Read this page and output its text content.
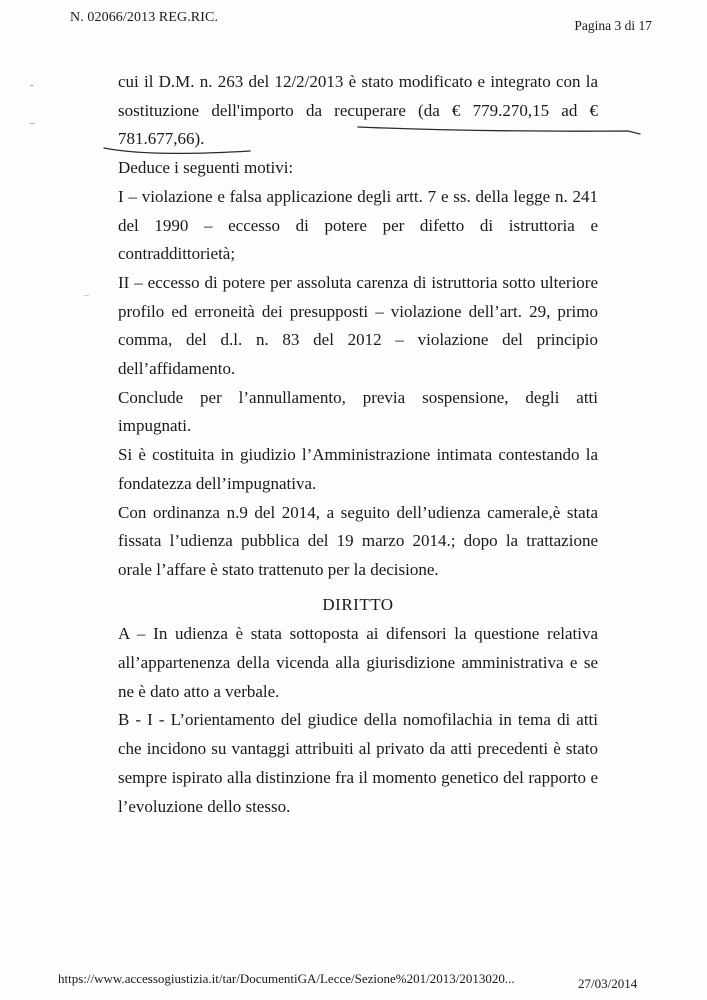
N. 02066/2013 REG.RIC.
Pagina 3 di 17
‐
–
–

cui il D.M. n. 263 del 12/2/2013 è stato modificato e integrato con la sostituzione dell'importo da recuperare (da € 779.270,15 ad € 781.677,66).

Deduce i seguenti motivi:

I – violazione e falsa applicazione degli artt. 7 e ss. della legge n. 241 del 1990 – eccesso di potere per difetto di istruttoria e contraddittorietà;

II – eccesso di potere per assoluta carenza di istruttoria sotto ulteriore profilo ed erroneità dei presupposti – violazione dell’art. 29, primo comma, del d.l. n. 83 del 2012 – violazione del principio dell’affidamento.

Conclude per l’annullamento, previa sospensione, degli atti impugnati.

Si è costituita in giudizio l’Amministrazione intimata contestando la fondatezza dell’impugnativa.

Con ordinanza n.9 del 2014, a seguito dell’udienza camerale,è stata fissata l’udienza pubblica del 19 marzo 2014.; dopo la trattazione orale l’affare è stato trattenuto per la decisione.

DIRITTO

A – In udienza è stata sottoposta ai difensori la questione relativa all’appartenenza della vicenda alla giurisdizione amministrativa e se ne è dato atto a verbale.

B - I - L’orientamento del giudice della nomofilachia in tema di atti che incidono su vantaggi attribuiti al privato da atti precedenti è stato sempre ispirato alla distinzione fra il momento genetico del rapporto e l’evoluzione dello stesso.

https://www.accessogiustizia.it/tar/DocumentiGA/Lecce/Sezione%201/2013/2013020...	27/03/2014
